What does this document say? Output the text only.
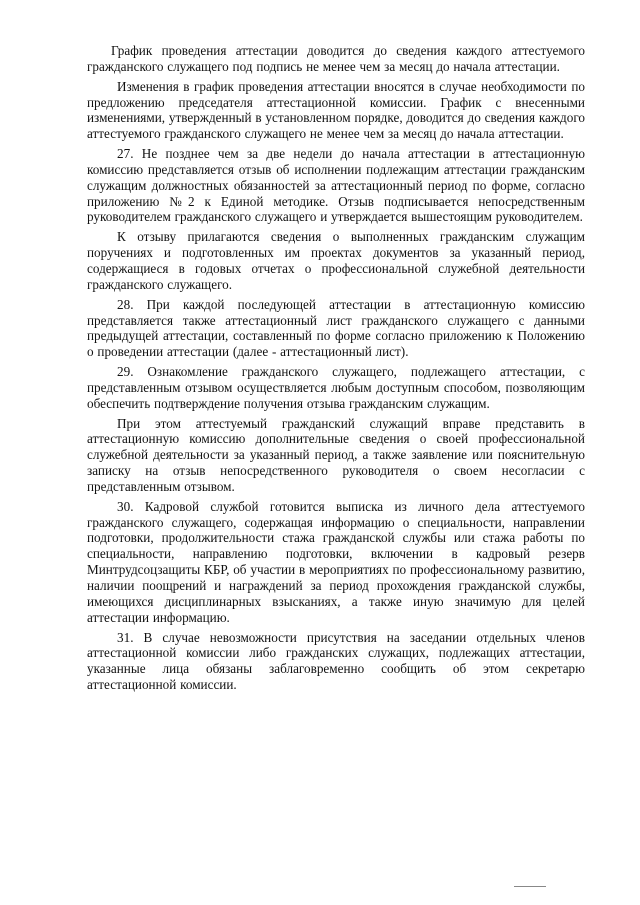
График проведения аттестации доводится до сведения каждого аттестуемого гражданского служащего под подпись не менее чем за месяц до начала аттестации.

Изменения в график проведения аттестации вносятся в случае необходимости по предложению председателя аттестационной комиссии. График с внесенными изменениями, утвержденный в установленном порядке, доводится до сведения каждого аттестуемого гражданского служащего не менее чем за месяц до начала аттестации.

27. Не позднее чем за две недели до начала аттестации в аттестационную комиссию представляется отзыв об исполнении подлежащим аттестации гражданским служащим должностных обязанностей за аттестационный период по форме, согласно приложению №2 к Единой методике. Отзыв подписывается непосредственным руководителем гражданского служащего и утверждается вышестоящим руководителем.

К отзыву прилагаются сведения о выполненных гражданским служащим поручениях и подготовленных им проектах документов за указанный период, содержащиеся в годовых отчетах о профессиональной служебной деятельности гражданского служащего.

28. При каждой последующей аттестации в аттестационную комиссию представляется также аттестационный лист гражданского служащего с данными предыдущей аттестации, составленный по форме согласно приложению к Положению о проведении аттестации (далее - аттестационный лист).

29. Ознакомление гражданского служащего, подлежащего аттестации, с представленным отзывом осуществляется любым доступным способом, позволяющим обеспечить подтверждение получения отзыва гражданским служащим.

При этом аттестуемый гражданский служащий вправе представить в аттестационную комиссию дополнительные сведения о своей профессиональной служебной деятельности за указанный период, а также заявление или пояснительную записку на отзыв непосредственного руководителя о своем несогласии с представленным отзывом.

30. Кадровой службой готовится выписка из личного дела аттестуемого гражданского служащего, содержащая информацию о специальности, направлении подготовки, продолжительности стажа гражданской службы или стажа работы по специальности, направлению подготовки, включении в кадровый резерв Минтрудсоцзащиты КБР, об участии в мероприятиях по профессиональному развитию, наличии поощрений и награждений за период прохождения гражданской службы, имеющихся дисциплинарных взысканиях, а также иную значимую для целей аттестации информацию.

31. В случае невозможности присутствия на заседании отдельных членов аттестационной комиссии либо гражданских служащих, подлежащих аттестации, указанные лица обязаны заблаговременно сообщить об этом секретарю аттестационной комиссии.
